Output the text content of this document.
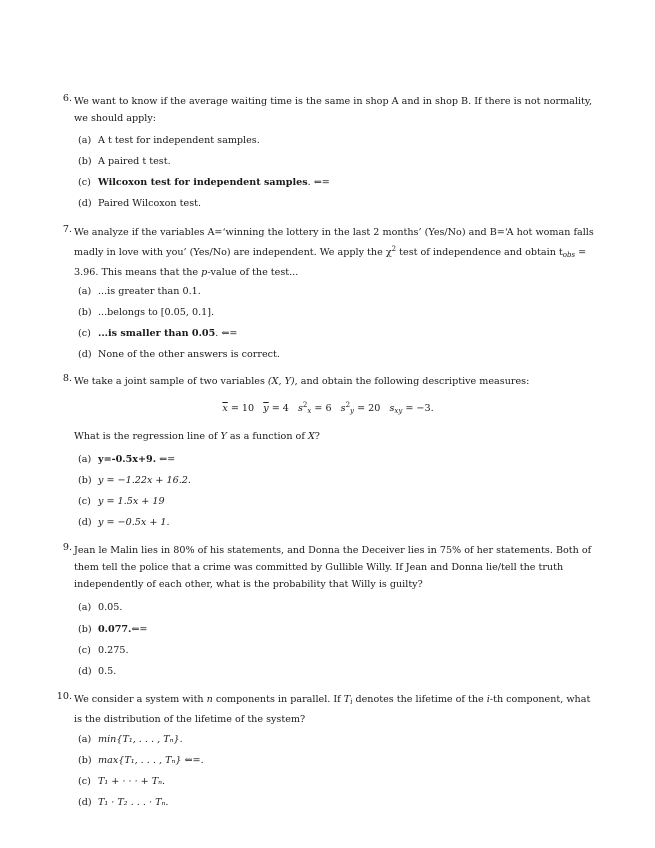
6. We want to know if the average waiting time is the same in shop A and in shop B. If there is not normality, we should apply:
(a) A t test for independent samples.
(b) A paired t test.
(c) Wilcoxon test for independent samples. ⇐=
(d) Paired Wilcoxon test.
7. We analyze if the variables A=‘winning the lottery in the last 2 months’ (Yes/No) and B=‘A hot woman falls madly in love with you’ (Yes/No) are independent. We apply the $\chi^2$ test of independence and obtain $t_{obs} = 3.96$. This means that the p-value of the test...
(a) ...is greater than 0.1.
(b) ...belongs to [0.05, 0.1].
(c) ...is smaller than 0.05. ⇐=
(d) None of the other answers is correct.
8. We take a joint sample of two variables (X, Y), and obtain the following descriptive measures:
$\overline{x} = 10$ $\overline{y} = 4$ $s^2_x = 6$ $s^2_y = 20$ $s_{xy} = -3$.
What is the regression line of Y as a function of X?
(a) y=-0.5x+9. ⇐=
(b) y = −1.22x + 16.2.
(c) y = 1.5x + 19
(d) y = −0.5x + 1.
9. Jean le Malin lies in 80% of his statements, and Donna the Deceiver lies in 75% of her statements. Both of them tell the police that a crime was committed by Gullible Willy. If Jean and Donna lie/tell the truth independently of each other, what is the probability that Willy is guilty?
(a) 0.05.
(b) 0.077.⇐=
(c) 0.275.
(d) 0.5.
10. We consider a system with n components in parallel. If $T_i$ denotes the lifetime of the i-th component, what is the distribution of the lifetime of the system?
(a) min{T₁, . . . , Tₙ}.
(b) max{T₁, . . . , Tₙ} ⇐=.
(c) T₁ + · · · + Tₙ.
(d) T₁ · T₂ . . . · Tₙ.
